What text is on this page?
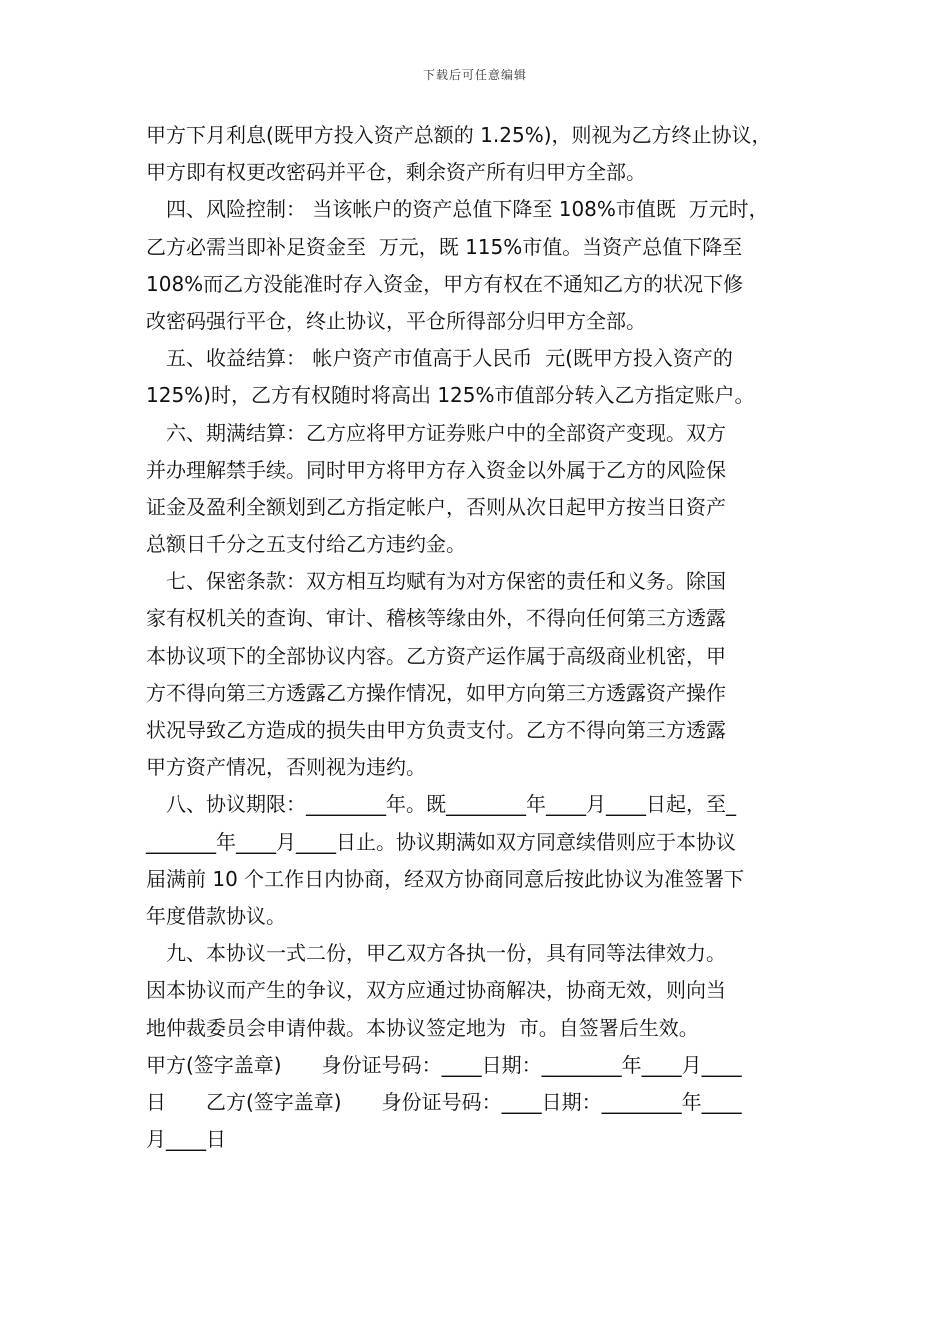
下载后可任意编辑
甲方下月利息(既甲方投入资产总额的 1.25%)，则视为乙方终止协议，
甲方即有权更改密码并平仓，剩余资产所有归甲方全部。
　四、风险控制： 当该帐户的资产总值下降至 108%市值既  万元时，
乙方必需当即补足资金至  万元，既 115%市值。当资产总值下降至
108%而乙方没能准时存入资金，甲方有权在不通知乙方的状况下修
改密码强行平仓，终止协议，平仓所得部分归甲方全部。
　五、收益结算： 帐户资产市值高于人民币  元(既甲方投入资产的
125%)时，乙方有权随时将高出 125%市值部分转入乙方指定账户。
　六、期满结算：乙方应将甲方证券账户中的全部资产变现。双方
并办理解禁手续。同时甲方将甲方存入资金以外属于乙方的风险保
证金及盈利全额划到乙方指定帐户，否则从次日起甲方按当日资产
总额日千分之五支付给乙方违约金。
　七、保密条款：双方相互均赋有为对方保密的责任和义务。除国
家有权机关的查询、审计、稽核等缘由外，不得向任何第三方透露
本协议项下的全部协议内容。乙方资产运作属于高级商业机密，甲
方不得向第三方透露乙方操作情况，如甲方向第三方透露资产操作
状况导致乙方造成的损失由甲方负责支付。乙方不得向第三方透露
甲方资产情况，否则视为违约。
　八、协议期限：________年。既________年____月____日起，至_
_______年____月____日止。协议期满如双方同意续借则应于本协议
届满前 10 个工作日内协商，经双方协商同意后按此协议为准签署下
年度借款协议。
　九、本协议一式二份，甲乙双方各执一份，具有同等法律效力。
因本协议而产生的争议，双方应通过协商解决，协商无效，则向当
地仲裁委员会申请仲裁。本协议签定地为  市。自签署后生效。
甲方(签字盖章)　　身份证号码：____日期：________年____月____
日　　乙方(签字盖章)　　身份证号码：____日期：________年____
月____日
